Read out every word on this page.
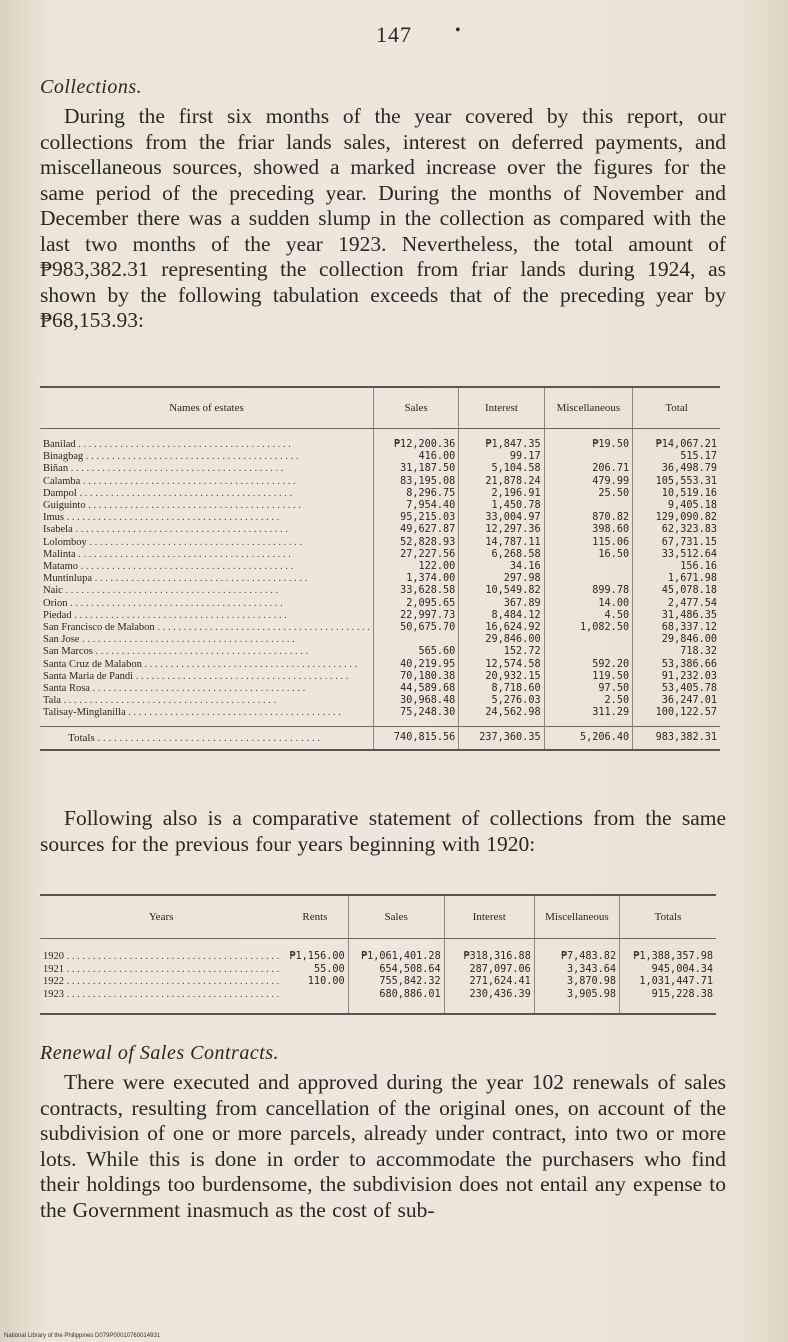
147	•
Collections.

During the first six months of the year covered by this report, our collections from the friar lands sales, interest on deferred payments, and miscellaneous sources, showed a marked increase over the figures for the same period of the preceding year. During the months of November and December there was a sudden slump in the collection as compared with the last two months of the year 1923. Nevertheless, the total amount of ₱983,382.31 representing the collection from friar lands during 1924, as shown by the following tabulation exceeds that of the preceding year by ₱68,153.93:

Names of estates	Sales	Interest	Miscellaneous	Total
Banilad . . .	₱12,200.36	₱1,847.35	₱19.50	₱14,067.21
Binagbag . . .	416.00	99.17		515.17
Biñan . . .	31,187.50	5,104.58	206.71	36,498.79
Calamba . . .	83,195.08	21,878.24	479.99	105,553.31
Dampol . . .	8,296.75	2,196.91	25.50	10,519.16
Guiguinto . . .	7,954.40	1,450.78		9,405.18
Imus . . .	95,215.03	33,004.97	870.82	129,090.82
Isabela . . .	49,627.87	12,297.36	398.60	62,323.83
Lolomboy . . .	52,828.93	14,787.11	115.06	67,731.15
Malinta . . .	27,227.56	6,268.58	16.50	33,512.64
Matamo . . .	122.00	34.16		156.16
Muntinlupa . . .	1,374.00	297.98		1,671.98
Naic . . .	33,628.58	10,549.82	899.78	45,078.18
Orion . . .	2,095.65	367.89	14.00	2,477.54
Piedad . . .	22,997.73	8,484.12	4.50	31,486.35
San Francisco de Malabon . . .	50,675.70	16,624.92	1,082.50	68,337.12
San Jose . . .		29,846.00		29,846.00
San Marcos . . .	565.60	152.72		718.32
Santa Cruz de Malabon . . .	40,219.95	12,574.58	592.20	53,386.66
Santa Maria de Pandi . . .	70,180.38	20,932.15	119.50	91,232.03
Santa Rosa . . .	44,589.68	8,718.60	97.50	53,405.78
Tala . . .	30,968.48	5,276.03	2.50	36,247.01
Talisay-Minglanilla . . .	75,248.30	24,562.98	311.29	100,122.57
Totals . . .	740,815.56	237,360.35	5,206.40	983,382.31

Following also is a comparative statement of collections from the same sources for the previous four years beginning with 1920:

Years	Rents	Sales	Interest	Miscellaneous	Totals
1920 . . .	₱1,156.00	₱1,061,401.28	₱318,316.88	₱7,483.82	₱1,388,357.98
1921 . . .	55.00	654,508.64	287,097.06	3,343.64	945,004.34
1922 . . .	110.00	755,842.32	271,624.41	3,870.98	1,031,447.71
1923 . . .		680,886.01	230,436.39	3,905.98	915,228.38
Renewal of Sales Contracts.

There were executed and approved during the year 102 renewals of sales contracts, resulting from cancellation of the original ones, on account of the subdivision of one or more parcels, already under contract, into two or more lots. While this is done in order to accommodate the purchasers who find their holdings too burdensome, the subdivision does not entail any expense to the Government inasmuch as the cost of sub-

National Library of the Philippines D079P00010760014931
